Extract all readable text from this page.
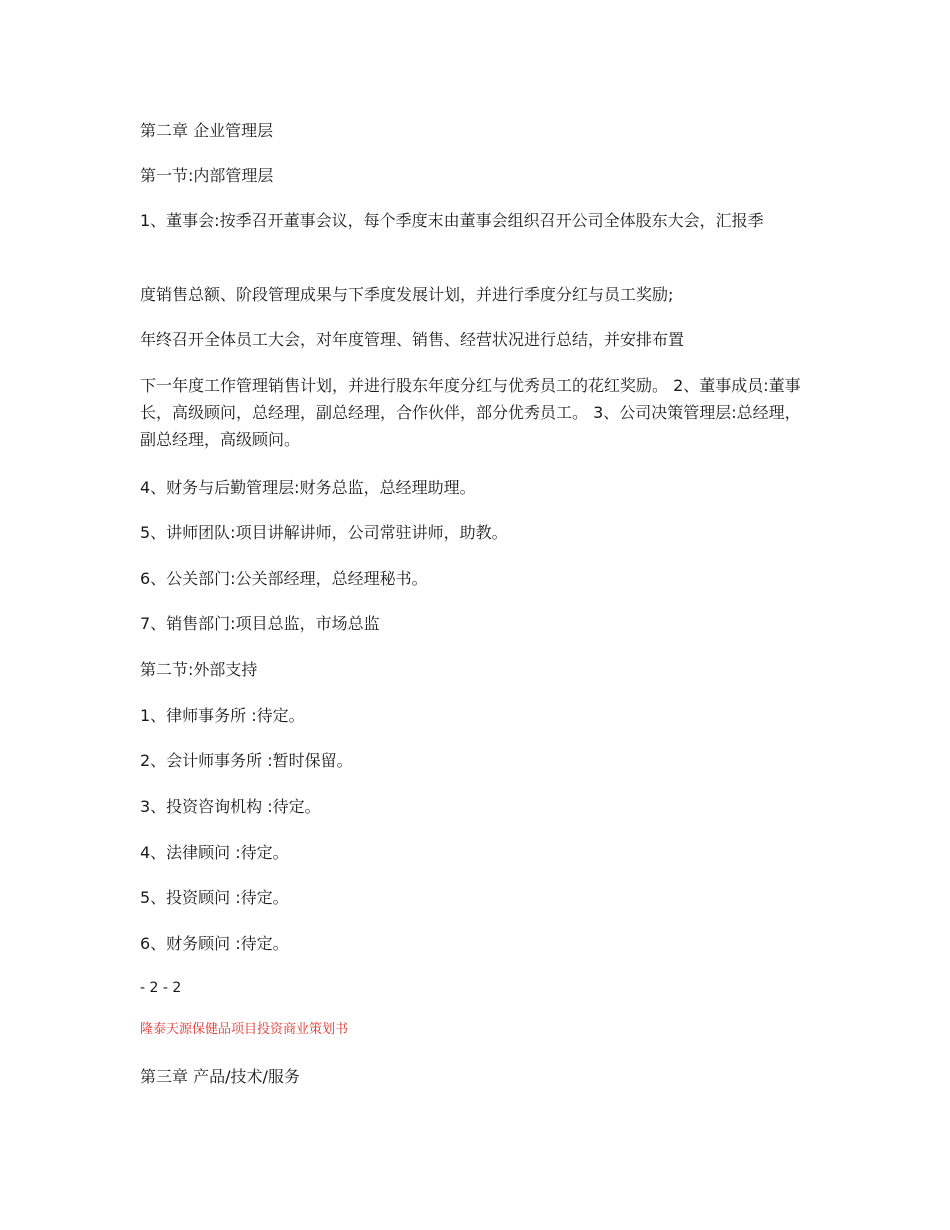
第二章 企业管理层
第一节:内部管理层
1、董事会:按季召开董事会议，每个季度末由董事会组织召开公司全体股东大会，汇报季
度销售总额、阶段管理成果与下季度发展计划，并进行季度分红与员工奖励;
年终召开全体员工大会，对年度管理、销售、经营状况进行总结，并安排布置
下一年度工作管理销售计划，并进行股东年度分红与优秀员工的花红奖励。 2、董事成员:董事长，高级顾问，总经理，副总经理，合作伙伴，部分优秀员工。 3、公司决策管理层:总经理，副总经理，高级顾问。
4、财务与后勤管理层:财务总监，总经理助理。
5、讲师团队:项目讲解讲师，公司常驻讲师，助教。
6、公关部门:公关部经理，总经理秘书。
7、销售部门:项目总监，市场总监
第二节:外部支持
1、律师事务所 :待定。
2、会计师事务所 :暂时保留。
3、投资咨询机构 :待定。
4、法律顾问 :待定。
5、投资顾问 :待定。
6、财务顾问 :待定。
- 2 - 2
隆泰天源保健品项目投资商业策划书
第三章 产品/技术/服务
